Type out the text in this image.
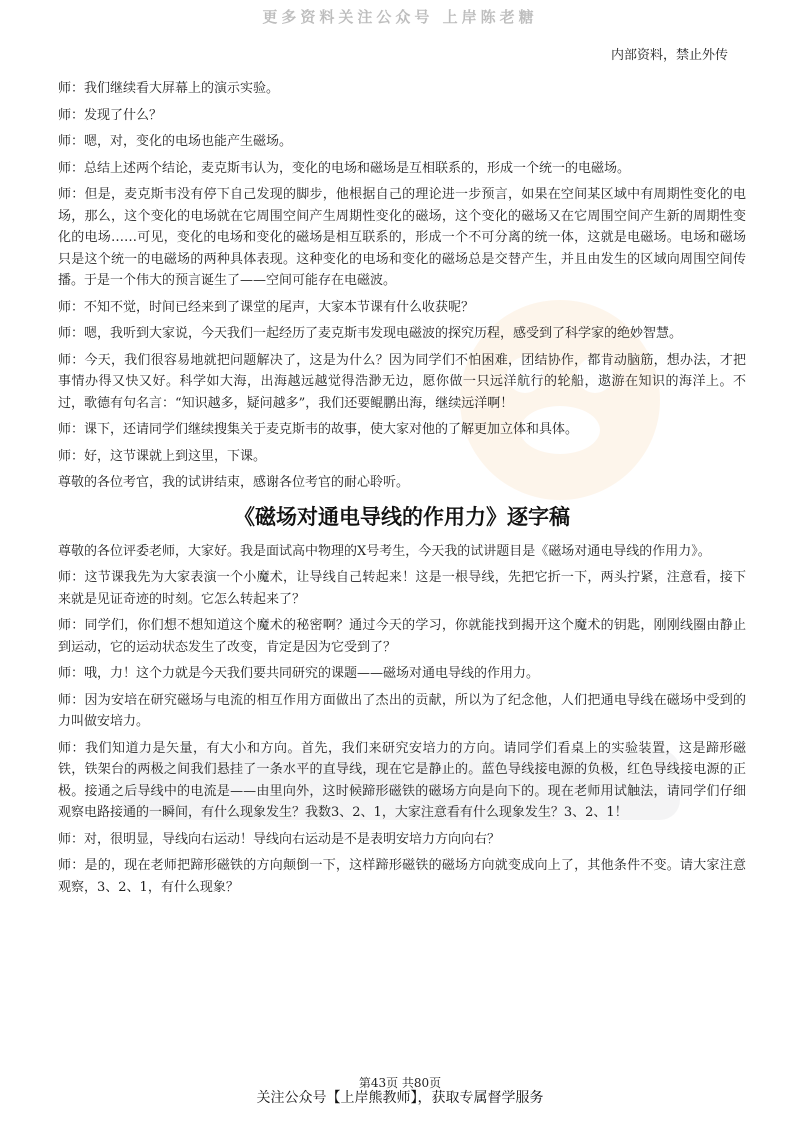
更多资料关注公众号 上岸陈老糖
内部资料，禁止外传

师：我们继续看大屏幕上的演示实验。

师：发现了什么？

师：嗯，对，变化的电场也能产生磁场。

师：总结上述两个结论，麦克斯韦认为，变化的电场和磁场是互相联系的，形成一个统一的电磁场。

师：但是，麦克斯韦没有停下自己发现的脚步，他根据自己的理论进一步预言，如果在空间某区域中有周期性变化的电场，那么，这个变化的电场就在它周围空间产生周期性变化的磁场，这个变化的磁场又在它周围空间产生新的周期性变化的电场……可见，变化的电场和变化的磁场是相互联系的，形成一个不可分离的统一体，这就是电磁场。电场和磁场只是这个统一的电磁场的两种具体表现。这种变化的电场和变化的磁场总是交替产生，并且由发生的区域向周围空间传播。于是一个伟大的预言诞生了——空间可能存在电磁波。

师：不知不觉，时间已经来到了课堂的尾声，大家本节课有什么收获呢？

师：嗯，我听到大家说，今天我们一起经历了麦克斯韦发现电磁波的探究历程，感受到了科学家的绝妙智慧。

师：今天，我们很容易地就把问题解决了，这是为什么？因为同学们不怕困难，团结协作，都肯动脑筋，想办法，才把事情办得又快又好。科学如大海，出海越远越觉得浩渺无边，愿你做一只远洋航行的轮船，遨游在知识的海洋上。不过，歌德有句名言：“知识越多，疑问越多”，我们还要鲲鹏出海，继续远洋啊！

师：课下，还请同学们继续搜集关于麦克斯韦的故事，使大家对他的了解更加立体和具体。

师：好，这节课就上到这里，下课。

尊敬的各位考官，我的试讲结束，感谢各位考官的耐心聆听。

《磁场对通电导线的作用力》逐字稿

尊敬的各位评委老师，大家好。我是面试高中物理的X号考生，今天我的试讲题目是《磁场对通电导线的作用力》。

师：这节课我先为大家表演一个小魔术，让导线自己转起来！这是一根导线，先把它折一下，两头拧紧，注意看，接下来就是见证奇迹的时刻。它怎么转起来了？

师：同学们，你们想不想知道这个魔术的秘密啊？通过今天的学习，你就能找到揭开这个魔术的钥匙，刚刚线圈由静止到运动，它的运动状态发生了改变，肯定是因为它受到了？

师：哦，力！这个力就是今天我们要共同研究的课题——磁场对通电导线的作用力。

师：因为安培在研究磁场与电流的相互作用方面做出了杰出的贡献，所以为了纪念他，人们把通电导线在磁场中受到的力叫做安培力。

师：我们知道力是矢量，有大小和方向。首先，我们来研究安培力的方向。请同学们看桌上的实验装置，这是蹄形磁铁，铁架台的两极之间我们悬挂了一条水平的直导线，现在它是静止的。蓝色导线接电源的负极，红色导线接电源的正极。接通之后导线中的电流是——由里向外，这时候蹄形磁铁的磁场方向是向下的。现在老师用试触法，请同学们仔细观察电路接通的一瞬间，有什么现象发生？我数3、2、1，大家注意看有什么现象发生？3、2、1！

师：对，很明显，导线向右运动！导线向右运动是不是表明安培力方向向右？

师：是的，现在老师把蹄形磁铁的方向颠倒一下，这样蹄形磁铁的磁场方向就变成向上了，其他条件不变。请大家注意观察，3、2、1，有什么现象？

第43页 共80页
关注公众号【上岸熊教师】，获取专属督学服务
